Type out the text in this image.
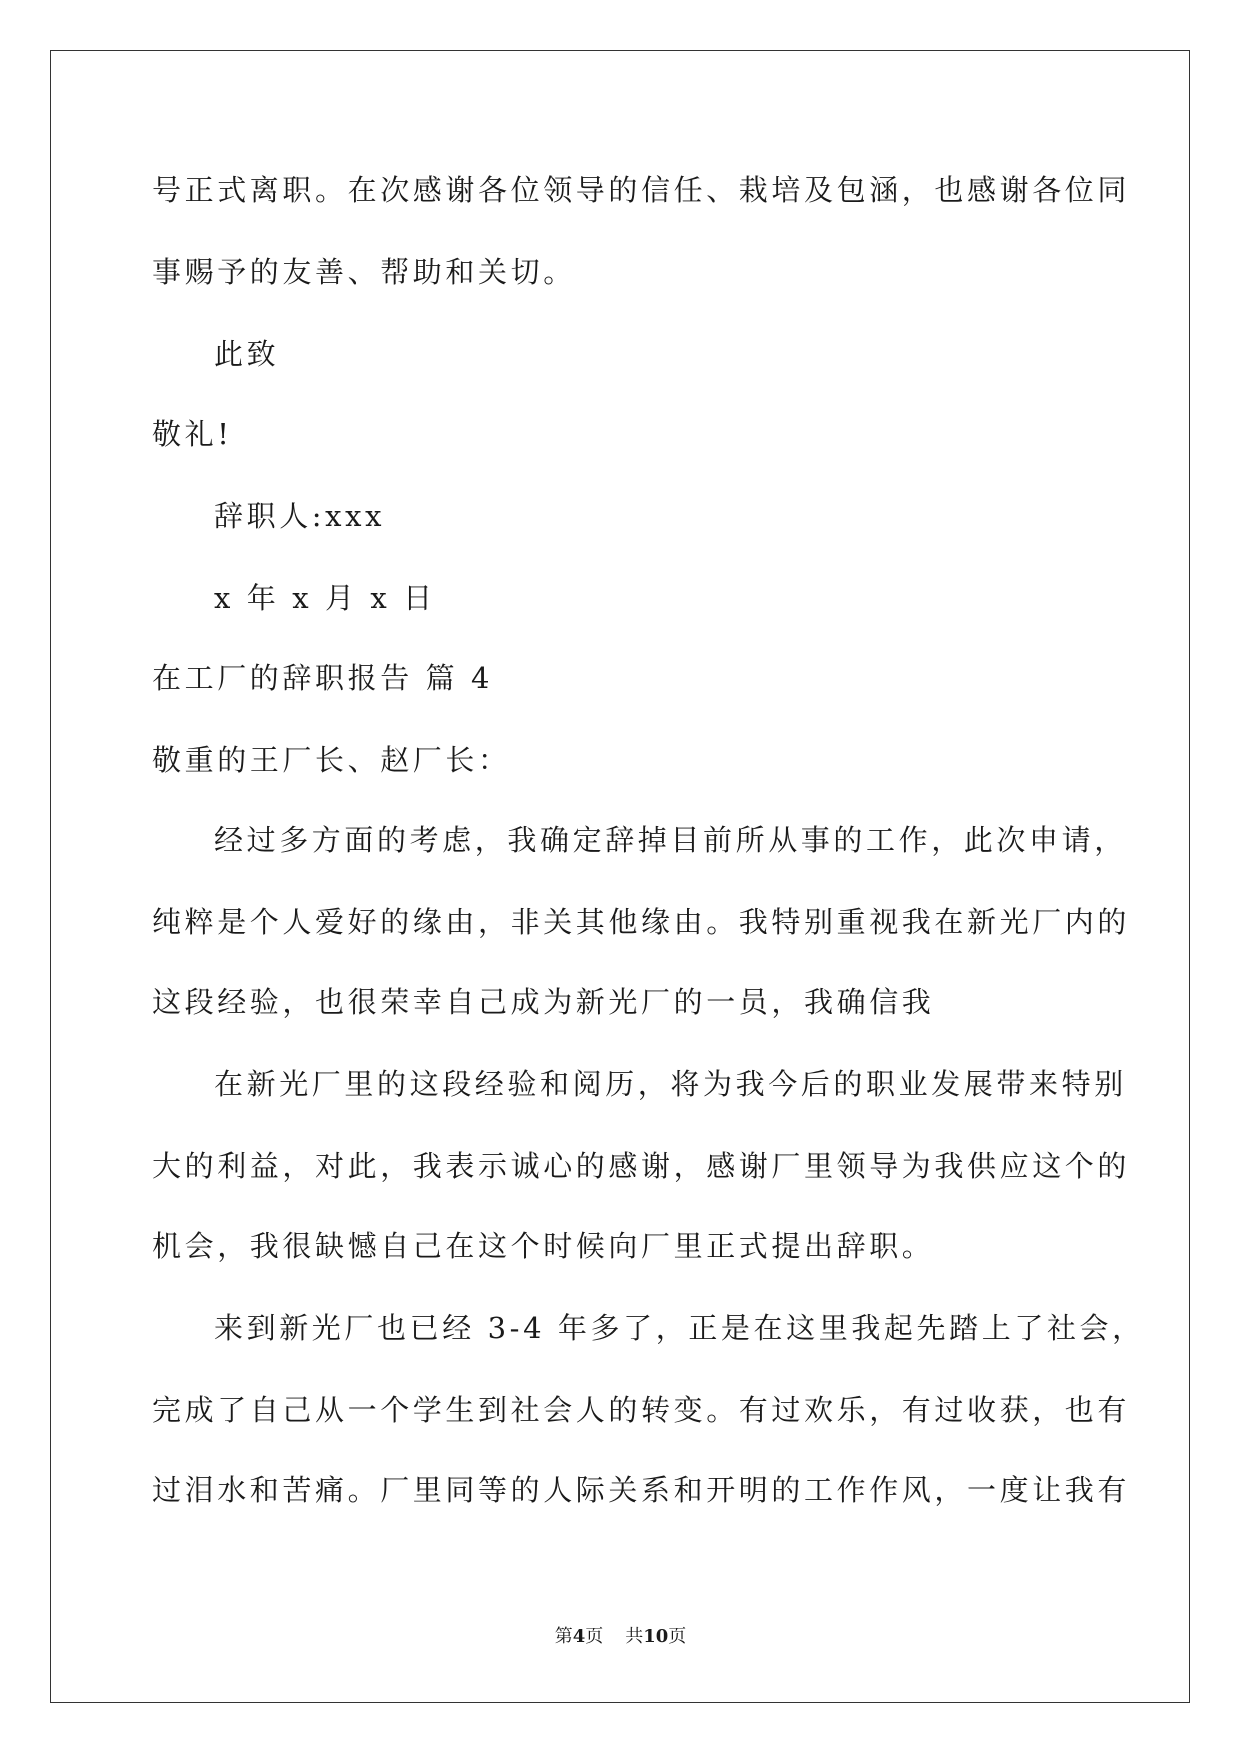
号正式离职。在次感谢各位领导的信任、栽培及包涵，也感谢各位同
事赐予的友善、帮助和关切。
此致
敬礼!
辞职人:xxx
x 年 x 月 x 日
在工厂的辞职报告 篇 4
敬重的王厂长、赵厂长：
经过多方面的考虑，我确定辞掉目前所从事的工作，此次申请，
纯粹是个人爱好的缘由，非关其他缘由。我特别重视我在新光厂内的
这段经验，也很荣幸自己成为新光厂的一员，我确信我
在新光厂里的这段经验和阅历，将为我今后的职业发展带来特别
大的利益，对此，我表示诚心的感谢，感谢厂里领导为我供应这个的
机会，我很缺憾自己在这个时候向厂里正式提出辞职。
来到新光厂也已经 3-4 年多了，正是在这里我起先踏上了社会，
完成了自己从一个学生到社会人的转变。有过欢乐，有过收获，也有
过泪水和苦痛。厂里同等的人际关系和开明的工作作风，一度让我有
第4页 共10页
